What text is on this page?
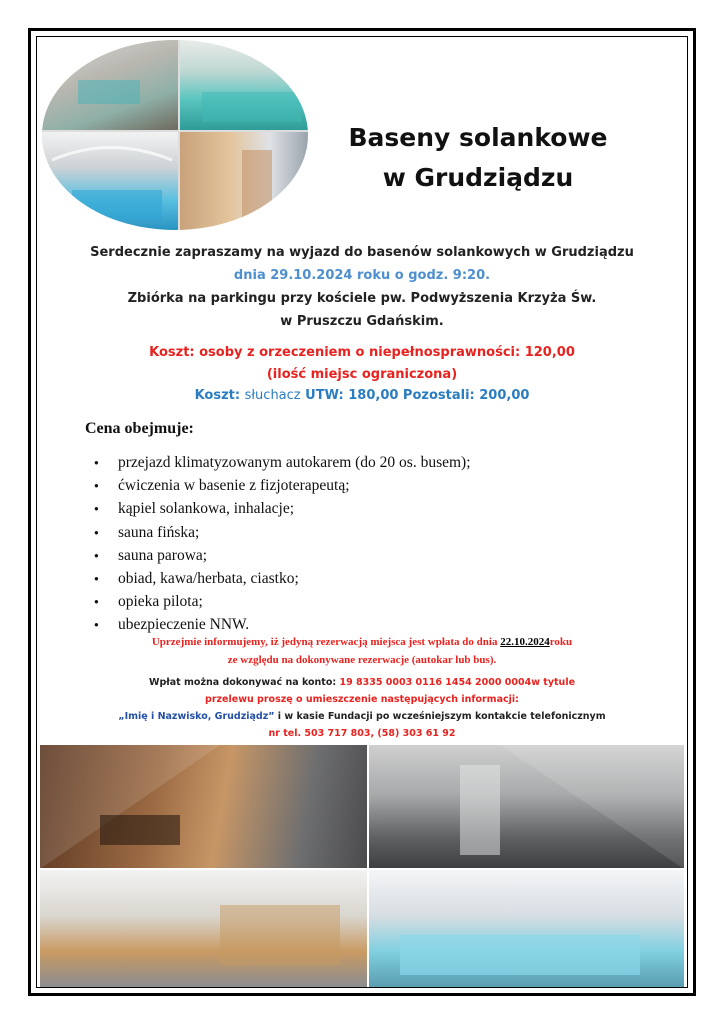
Baseny solankowe
w Grudziądzu
Serdecznie zapraszamy na wyjazd do basenów solankowych w Grudziądzu
dnia 29.10.2024 roku o godz. 9:20.
Zbiórka na parkingu przy kościele pw. Podwyższenia Krzyża Św.
w Pruszczu Gdańskim.
Koszt: osoby z orzeczeniem o niepełnosprawności: 120,00
(ilość miejsc ograniczona)
Koszt: słuchacz UTW: 180,00 Pozostali: 200,00
Cena obejmuje:
● przejazd klimatyzowanym autokarem (do 20 os. busem);
● ćwiczenia w basenie z fizjoterapeutą;
● kąpiel solankowa, inhalacje;
● sauna fińska;
● sauna parowa;
● obiad, kawa/herbata, ciastko;
● opieka pilota;
● ubezpieczenie NNW.
Uprzejmie informujemy, iż jedyną rezerwacją miejsca jest wpłata do dnia 22.10.2024roku
ze względu na dokonywane rezerwacje (autokar lub bus).
Wpłat można dokonywać na konto: 19 8335 0003 0116 1454 2000 0004w tytule
przelewu proszę o umieszczenie następujących informacji:
„Imię i Nazwisko, Grudziądz” i w kasie Fundacji po wcześniejszym kontakcie telefonicznym
nr tel. 503 717 803, (58) 303 61 92
